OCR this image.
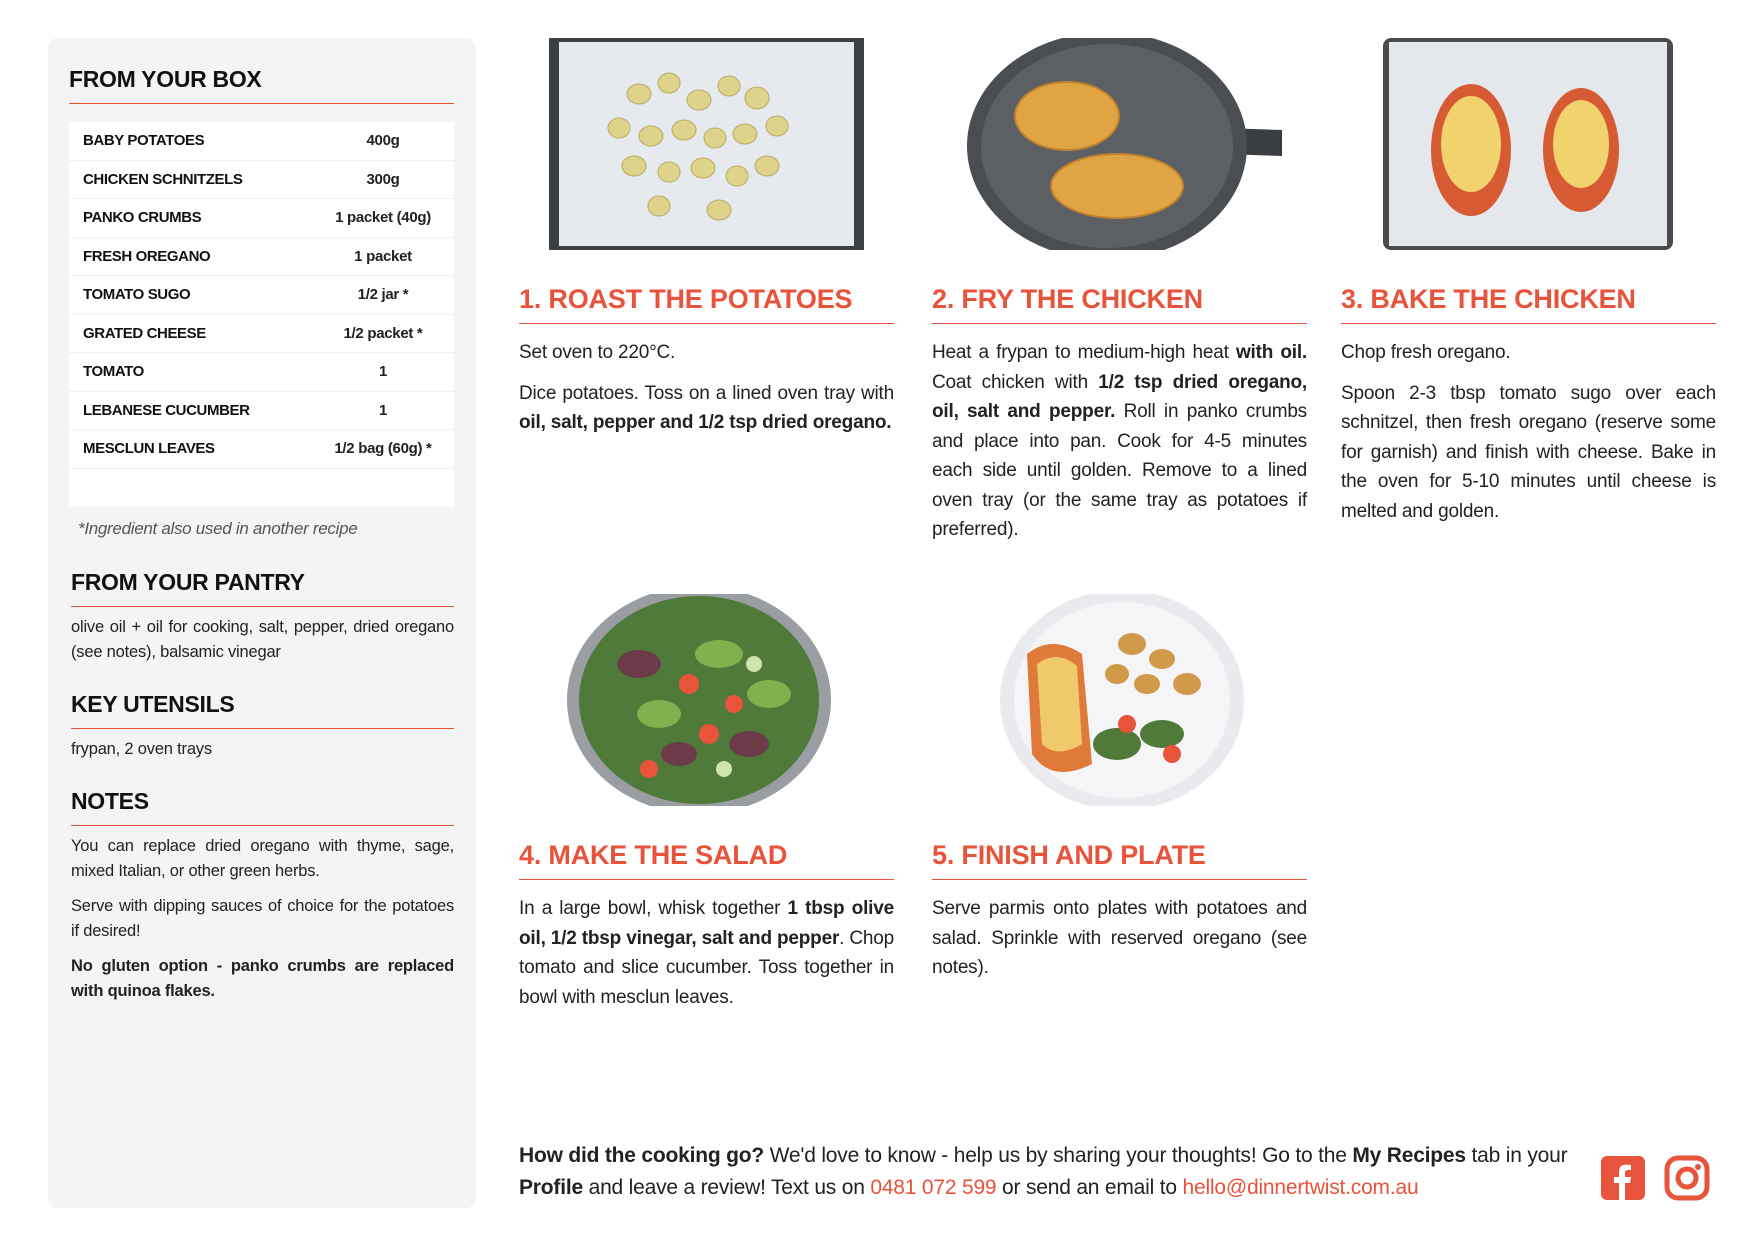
FROM YOUR BOX
BABY POTATOES	400g
CHICKEN SCHNITZELS	300g
PANKO CRUMBS	1 packet (40g)
FRESH OREGANO	1 packet
TOMATO SUGO	1/2 jar *
GRATED CHEESE	1/2 packet *
TOMATO	1
LEBANESE CUCUMBER	1
MESCLUN LEAVES	1/2 bag (60g) *
*Ingredient also used in another recipe
FROM YOUR PANTRY
olive oil + oil for cooking, salt, pepper, dried oregano (see notes), balsamic vinegar
KEY UTENSILS
frypan, 2 oven trays
NOTES
You can replace dried oregano with thyme, sage, mixed Italian, or other green herbs.
Serve with dipping sauces of choice for the potatoes if desired!
No gluten option - panko crumbs are replaced with quinoa flakes.
1. ROAST THE POTATOES

Set oven to 220°C.

Dice potatoes. Toss on a lined oven tray with oil, salt, pepper and 1/2 tsp dried oregano.

2. FRY THE CHICKEN

Heat a frypan to medium-high heat with oil. Coat chicken with 1/2 tsp dried oregano, oil, salt and pepper. Roll in panko crumbs and place into pan. Cook for 4-5 minutes each side until golden. Remove to a lined oven tray (or the same tray as potatoes if preferred).

3. BAKE THE CHICKEN

Chop fresh oregano.

Spoon 2-3 tbsp tomato sugo over each schnitzel, then fresh oregano (reserve some for garnish) and finish with cheese. Bake in the oven for 5-10 minutes until cheese is melted and golden.

4. MAKE THE SALAD

In a large bowl, whisk together 1 tbsp olive oil, 1/2 tbsp vinegar, salt and pepper. Chop tomato and slice cucumber. Toss together in bowl with mesclun leaves.

5. FINISH AND PLATE

Serve parmis onto plates with potatoes and salad. Sprinkle with reserved oregano (see notes).

How did the cooking go? We'd love to know - help us by sharing your thoughts! Go to the My Recipes tab in your Profile and leave a review! Text us on 0481 072 599 or send an email to hello@dinnertwist.com.au
